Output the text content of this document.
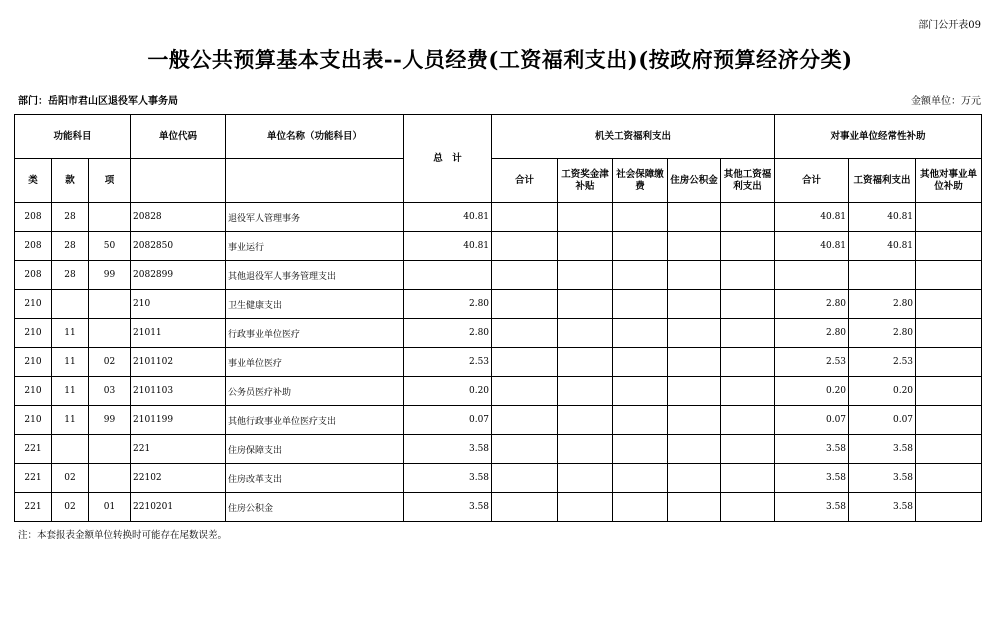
部门公开表09
一般公共预算基本支出表--人员经费(工资福利支出)(按政府预算经济分类)
部门：岳阳市君山区退役军人事务局	金额单位：万元
功能科目			单位代码	单位名称（功能科目）	总　计	机关工资福利支出					对事业单位经常性补助		

类	款	项				合计	工资奖金津补贴	社会保障缴费	住房公积金	其他工资福利支出	合计	工资福利支出	其他对事业单位补助
208	28		20828	退役军人管理事务	40.81						40.81	40.81	
208	28	50	2082850	事业运行	40.81						40.81	40.81	
208	28	99	2082899	其他退役军人事务管理支出									
210			210	卫生健康支出	2.80						2.80	2.80	
210	11		21011	行政事业单位医疗	2.80						2.80	2.80	
210	11	02	2101102	事业单位医疗	2.53						2.53	2.53	
210	11	03	2101103	公务员医疗补助	0.20						0.20	0.20	
210	11	99	2101199	其他行政事业单位医疗支出	0.07						0.07	0.07	
221			221	住房保障支出	3.58						3.58	3.58	
221	02		22102	住房改革支出	3.58						3.58	3.58	
221	02	01	2210201	住房公积金	3.58						3.58	3.58	
注：本套报表金额单位转换时可能存在尾数误差。
